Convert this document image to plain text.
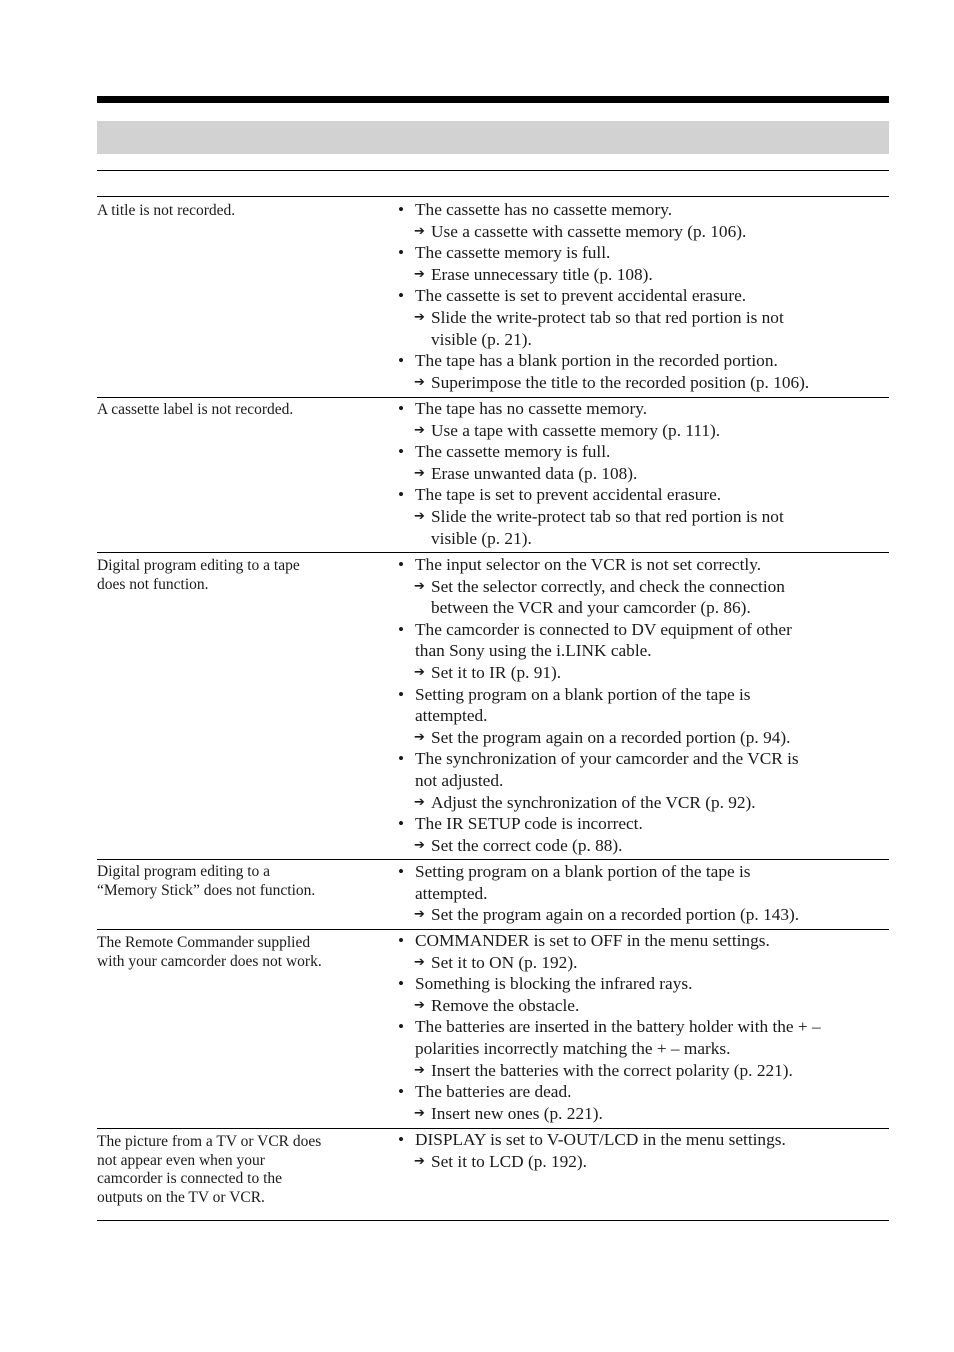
A title is not recorded.	• The cassette has no cassette memory.
➔ Use a cassette with cassette memory (p. 106).
• The cassette memory is full.
➔ Erase unnecessary title (p. 108).
• The cassette is set to prevent accidental erasure.
➔ Slide the write-protect tab so that red portion is not
visible (p. 21).
• The tape has a blank portion in the recorded portion.
➔ Superimpose the title to the recorded position (p. 106).
A cassette label is not recorded.	• The tape has no cassette memory.
➔ Use a tape with cassette memory (p. 111).
• The cassette memory is full.
➔ Erase unwanted data (p. 108).
• The tape is set to prevent accidental erasure.
➔ Slide the write-protect tab so that red portion is not
visible (p. 21).
Digital program editing to a tape
does not function.
• The input selector on the VCR is not set correctly.
➔ Set the selector correctly, and check the connection
between the VCR and your camcorder (p. 86).
• The camcorder is connected to DV equipment of other
than Sony using the i.LINK cable.
➔ Set it to IR (p. 91).
• Setting program on a blank portion of the tape is
attempted.
➔ Set the program again on a recorded portion (p. 94).
• The synchronization of your camcorder and the VCR is
not adjusted.
➔ Adjust the synchronization of the VCR (p. 92).
• The IR SETUP code is incorrect.
➔ Set the correct code (p. 88).
Digital program editing to a
“Memory Stick” does not function.
• Setting program on a blank portion of the tape is
attempted.
➔ Set the program again on a recorded portion (p. 143).
The Remote Commander supplied
with your camcorder does not work.
• COMMANDER is set to OFF in the menu settings.
➔ Set it to ON (p. 192).
• Something is blocking the infrared rays.
➔ Remove the obstacle.
• The batteries are inserted in the battery holder with the + –
polarities incorrectly matching the + – marks.
➔ Insert the batteries with the correct polarity (p. 221).
• The batteries are dead.
➔ Insert new ones (p. 221).
The picture from a TV or VCR does
not appear even when your
camcorder is connected to the
outputs on the TV or VCR.
• DISPLAY is set to V-OUT/LCD in the menu settings.
➔ Set it to LCD (p. 192).
